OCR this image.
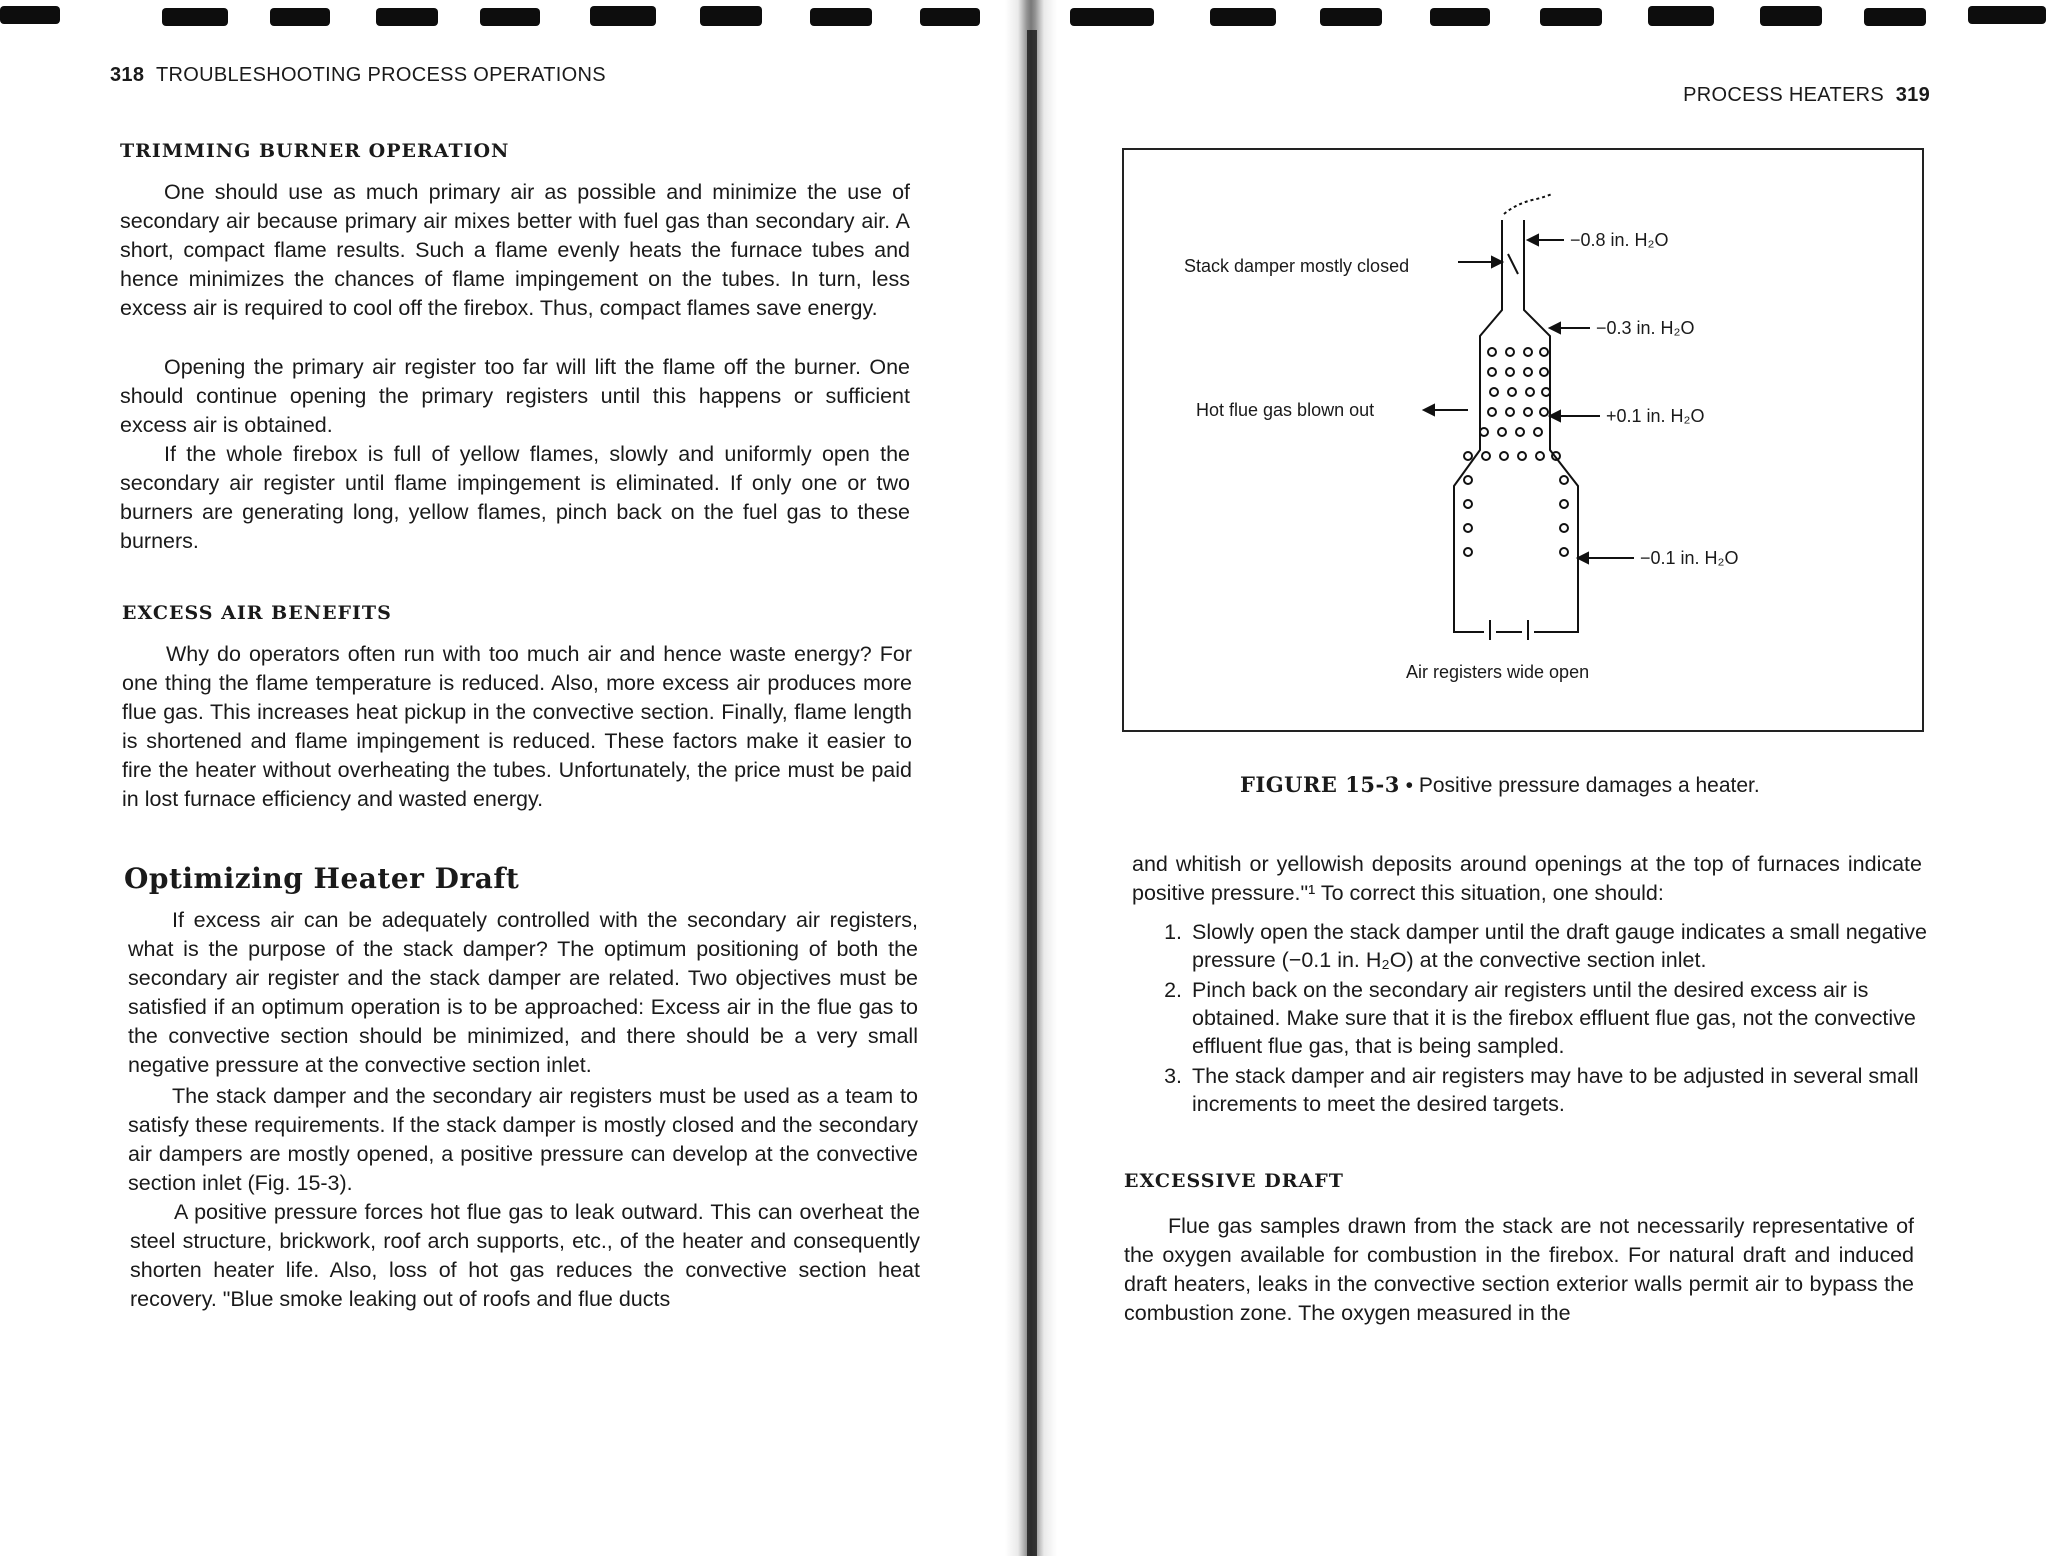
318 TROUBLESHOOTING PROCESS OPERATIONS
TRIMMING BURNER OPERATION

One should use as much primary air as possible and minimize the use of secondary air because primary air mixes better with fuel gas than secondary air. A short, compact flame results. Such a flame evenly heats the furnace tubes and hence minimizes the chances of flame impingement on the tubes. In turn, less excess air is required to cool off the firebox. Thus, compact flames save energy.

Opening the primary air register too far will lift the flame off the burner. One should continue opening the primary registers until this happens or sufficient excess air is obtained.

If the whole firebox is full of yellow flames, slowly and uniformly open the secondary air register until flame impingement is eliminated. If only one or two burners are generating long, yellow flames, pinch back on the fuel gas to these burners.

EXCESS AIR BENEFITS

Why do operators often run with too much air and hence waste energy? For one thing the flame temperature is reduced. Also, more excess air produces more flue gas. This increases heat pickup in the convective section. Finally, flame length is shortened and flame impingement is reduced. These factors make it easier to fire the heater without overheating the tubes. Unfortunately, the price must be paid in lost furnace efficiency and wasted energy.

Optimizing Heater Draft

If excess air can be adequately controlled with the secondary air registers, what is the purpose of the stack damper? The optimum positioning of both the secondary air register and the stack damper are related. Two objectives must be satisfied if an optimum operation is to be approached: Excess air in the flue gas to the convective section should be minimized, and there should be a very small negative pressure at the convective section inlet.

The stack damper and the secondary air registers must be used as a team to satisfy these requirements. If the stack damper is mostly closed and the secondary air dampers are mostly opened, a positive pressure can develop at the convective section inlet (Fig. 15-3).

A positive pressure forces hot flue gas to leak outward. This can overheat the steel structure, brickwork, roof arch supports, etc., of the heater and consequently shorten heater life. Also, loss of hot gas reduces the convective section heat recovery. "Blue smoke leaking out of roofs and flue ducts

PROCESS HEATERS 319
Stack damper mostly closed
−0.8 in. H₂O
−0.3 in. H₂O
Hot flue gas blown out	+0.1 in. H₂O
−0.1 in. H₂O
Air registers wide open
FIGURE 15-3 • Positive pressure damages a heater.

and whitish or yellowish deposits around openings at the top of furnaces indicate positive pressure."¹ To correct this situation, one should:

1. Slowly open the stack damper until the draft gauge indicates a small negative pressure (−0.1 in. H₂O) at the convective section inlet.
2. Pinch back on the secondary air registers until the desired excess air is obtained. Make sure that it is the firebox effluent flue gas, not the convective effluent flue gas, that is being sampled.
3. The stack damper and air registers may have to be adjusted in several small increments to meet the desired targets.
EXCESSIVE DRAFT

Flue gas samples drawn from the stack are not necessarily representative of the oxygen available for combustion in the firebox. For natural draft and induced draft heaters, leaks in the convective section exterior walls permit air to bypass the combustion zone. The oxygen measured in the
